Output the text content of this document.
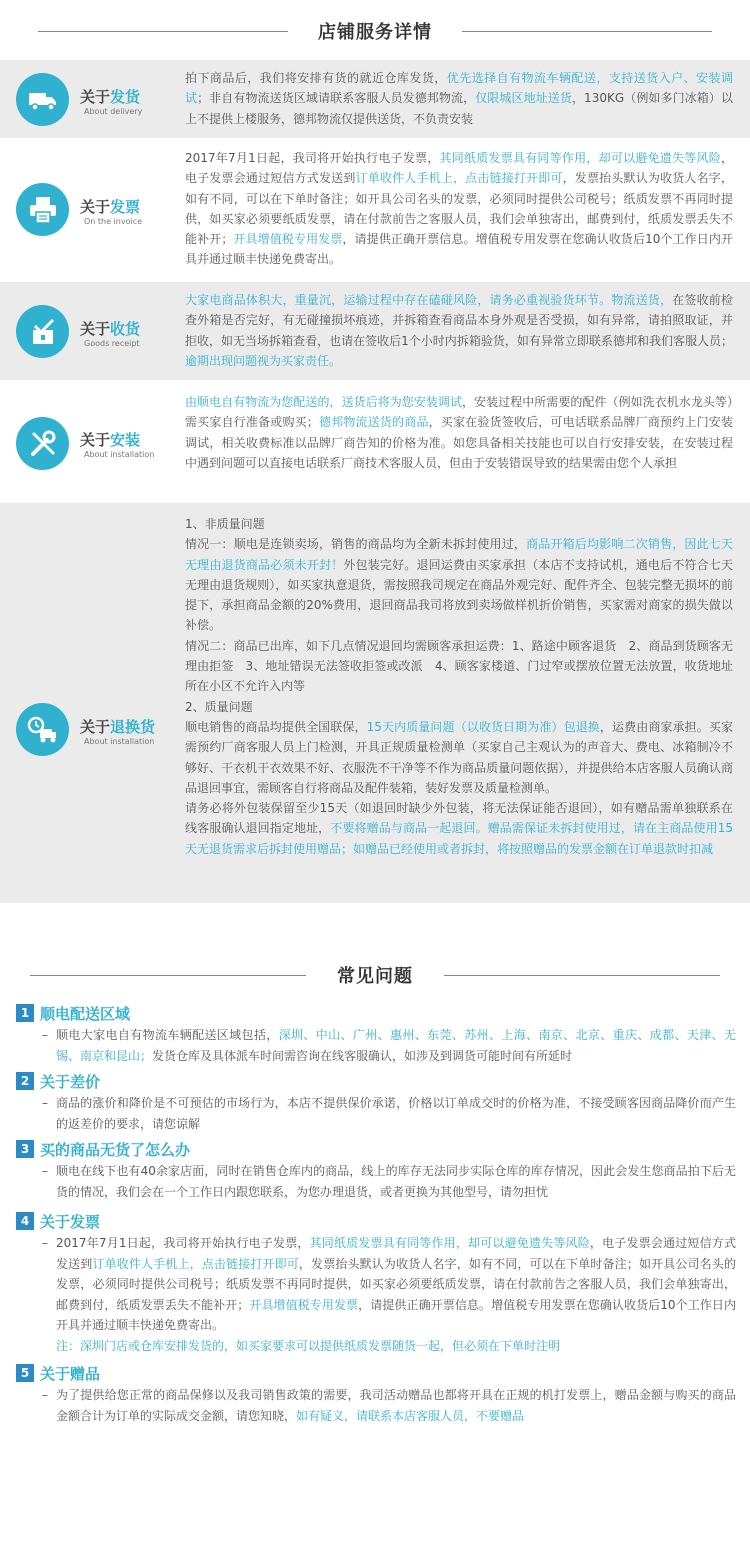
店铺服务详情
关于发货
About delivery
拍下商品后，我们将安排有货的就近仓库发货，优先选择自有物流车辆配送，支持送货入户、安装调试；非自有物流送货区域请联系客服人员发德邦物流，仅限城区地址送货，130KG（例如多门冰箱）以上不提供上楼服务，德邦物流仅提供送货，不负责安装
关于发票
On the invoice
2017年7月1日起，我司将开始执行电子发票，其同纸质发票具有同等作用，却可以避免遗失等风险，电子发票会通过短信方式发送到订单收件人手机上，点击链接打开即可，发票抬头默认为收货人名字，如有不同，可以在下单时备注；如开具公司名头的发票，必须同时提供公司税号；纸质发票不再同时提供，如买家必须要纸质发票，请在付款前告之客服人员，我们会单独寄出，邮费到付，纸质发票丢失不能补开；开具增值税专用发票，请提供正确开票信息。增值税专用发票在您确认收货后10个工作日内开具并通过顺丰快递免费寄出。
关于收货
Goods receipt
大家电商品体积大，重量沉，运输过程中存在磕碰风险，请务必重视验货环节。物流送货，在签收前检查外箱是否完好，有无碰撞损坏痕迹，并拆箱查看商品本身外观是否受损，如有异常，请拍照取证，并拒收，如无当场拆箱查看，也请在签收后1个小时内拆箱验货，如有异常立即联系德邦和我们客服人员；逾期出现问题视为买家责任。
关于安装
About installation
由顺电自有物流为您配送的，送货后将为您安装调试，安装过程中所需要的配件（例如洗衣机水龙头等）需买家自行准备或购买；德邦物流送货的商品，买家在验货签收后，可电话联系品牌厂商预约上门安装调试，相关收费标准以品牌厂商告知的价格为准。如您具备相关技能也可以自行安排安装，在安装过程中遇到问题可以直接电话联系厂商技术客服人员，但由于安装错误导致的结果需由您个人承担
关于退换货
About installation
1、非质量问题
情况一：顺电是连锁卖场，销售的商品均为全新未拆封使用过，商品开箱后均影响二次销售，因此七天无理由退货商品必须未开封！外包装完好。退回运费由买家承担（本店不支持试机，通电后不符合七天无理由退货规则），如买家执意退货，需按照我司规定在商品外观完好、配件齐全、包装完整无损坏的前提下，承担商品金额的20%费用，退回商品我司将放到卖场做样机折价销售，买家需对商家的损失做以补偿。
情况二：商品已出库，如下几点情况退回均需顾客承担运费：1、路途中顾客退货　2、商品到货顾客无理由拒签　3、地址错误无法签收拒签或改派　4、顾客家楼道、门过窄或摆放位置无法放置，收货地址所在小区不允许入内等
2、质量问题
顺电销售的商品均提供全国联保，15天内质量问题（以收货日期为准）包退换，运费由商家承担。买家需预约厂商客服人员上门检测，开具正规质量检测单（买家自己主观认为的声音大、费电、冰箱制冷不够好、干衣机干衣效果不好、衣服洗不干净等不作为商品质量问题依据），并提供给本店客服人员确认商品退回事宜，需顾客自行将商品及配件装箱，装好发票及质量检测单。
请务必将外包装保留至少15天（如退回时缺少外包装，将无法保证能否退回），如有赠品需单独联系在线客服确认退回指定地址，不要将赠品与商品一起退回。赠品需保证未拆封使用过，请在主商品使用15天无退货需求后拆封使用赠品；如赠品已经使用或者拆封，将按照赠品的发票金额在订单退款时扣减
常见问题
1 顺电配送区域
– 顺电大家电自有物流车辆配送区域包括，深圳、中山、广州、惠州、东莞、苏州、上海、南京、北京、重庆、成都、天津、无锡、南京和昆山；发货仓库及具体派车时间需咨询在线客服确认，如涉及到调货可能时间有所延时
2 关于差价
– 商品的涨价和降价是不可预估的市场行为，本店不提供保价承诺，价格以订单成交时的价格为准，不接受顾客因商品降价而产生的返差价的要求，请您谅解
3 买的商品无货了怎么办
– 顺电在线下也有40余家店面，同时在销售仓库内的商品，线上的库存无法同步实际仓库的库存情况，因此会发生您商品拍下后无货的情况，我们会在一个工作日内跟您联系，为您办理退货，或者更换为其他型号，请勿担忧
4 关于发票
– 2017年7月1日起，我司将开始执行电子发票，其同纸质发票具有同等作用，却可以避免遗失等风险，电子发票会通过短信方式发送到订单收件人手机上，点击链接打开即可，发票抬头默认为收货人名字，如有不同，可以在下单时备注；如开具公司名头的发票，必须同时提供公司税号；纸质发票不再同时提供，如买家必须要纸质发票，请在付款前告之客服人员，我们会单独寄出，邮费到付，纸质发票丢失不能补开；开具增值税专用发票，请提供正确开票信息。增值税专用发票在您确认收货后10个工作日内开具并通过顺丰快递免费寄出。
注：深圳门店或仓库安排发货的，如买家要求可以提供纸质发票随货一起，但必须在下单时注明
5 关于赠品
– 为了提供给您正常的商品保修以及我司销售政策的需要，我司活动赠品也都将开具在正规的机打发票上，赠品金额与购买的商品金额合计为订单的实际成交金额，请您知晓，如有疑义，请联系本店客服人员，不要赠品
